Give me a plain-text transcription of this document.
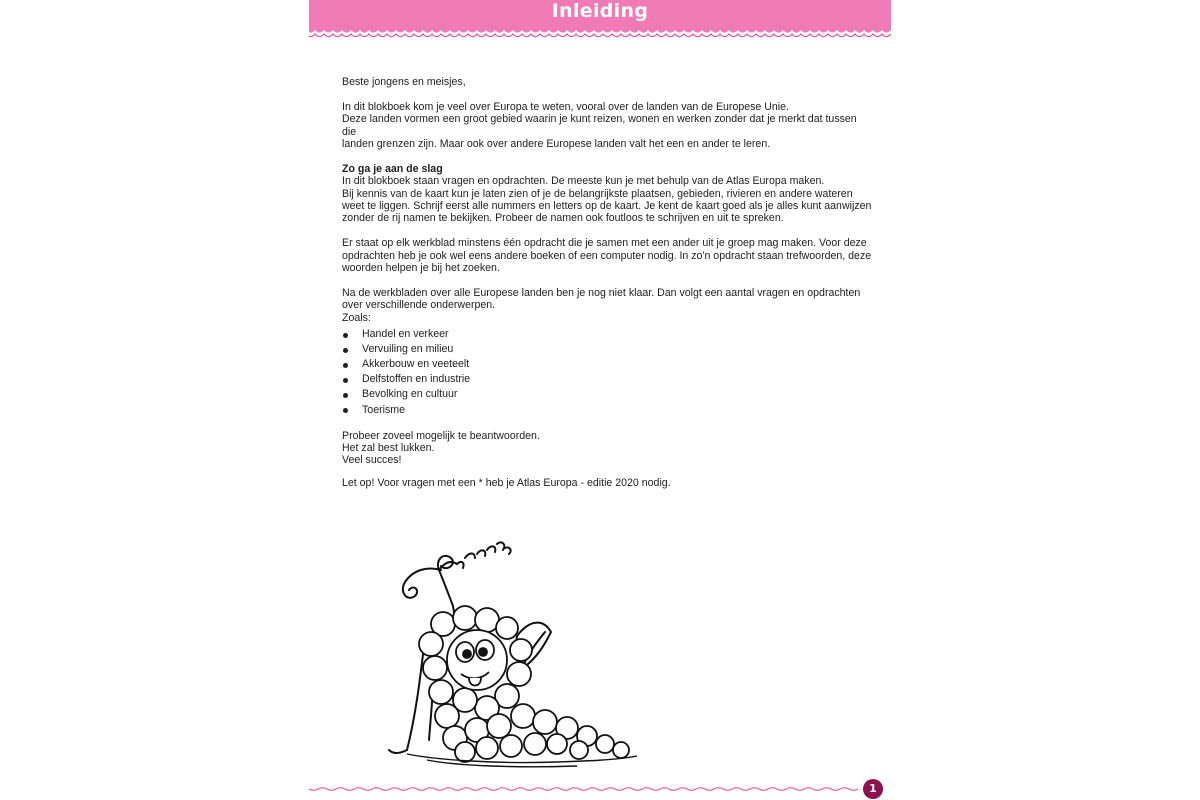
Inleiding

Beste jongens en meisjes,

In dit blokboek kom je veel over Europa te weten, vooral over de landen van de Europese Unie.
Deze landen vormen een groot gebied waarin je kunt reizen, wonen en werken zonder dat je merkt dat tussen die
landen grenzen zijn. Maar ook over andere Europese landen valt het een en ander te leren.

Zo ga je aan de slag
In dit blokboek staan vragen en opdrachten. De meeste kun je met behulp van de Atlas Europa maken.
Bij kennis van de kaart kun je laten zien of je de belangrijkste plaatsen, gebieden, rivieren en andere wateren
weet te liggen. Schrijf eerst alle nummers en letters op de kaart. Je kent de kaart goed als je alles kunt aanwijzen
zonder de rij namen te bekijken. Probeer de namen ook foutloos te schrijven en uit te spreken.

Er staat op elk werkblad minstens één opdracht die je samen met een ander uit je groep mag maken. Voor deze
opdrachten heb je ook wel eens andere boeken of een computer nodig. In zo'n opdracht staan trefwoorden, deze
woorden helpen je bij het zoeken.

Na de werkbladen over alle Europese landen ben je nog niet klaar. Dan volgt een aantal vragen en opdrachten
over verschillende onderwerpen.
Zoals:

Handel en verkeer
Vervuiling en milieu
Akkerbouw en veeteelt
Delfstoffen en industrie
Bevolking en cultuur
Toerisme

Probeer zoveel mogelijk te beantwoorden.
Het zal best lukken.
Veel succes!

Let op! Voor vragen met een * heb je Atlas Europa - editie 2020 nodig.
1
